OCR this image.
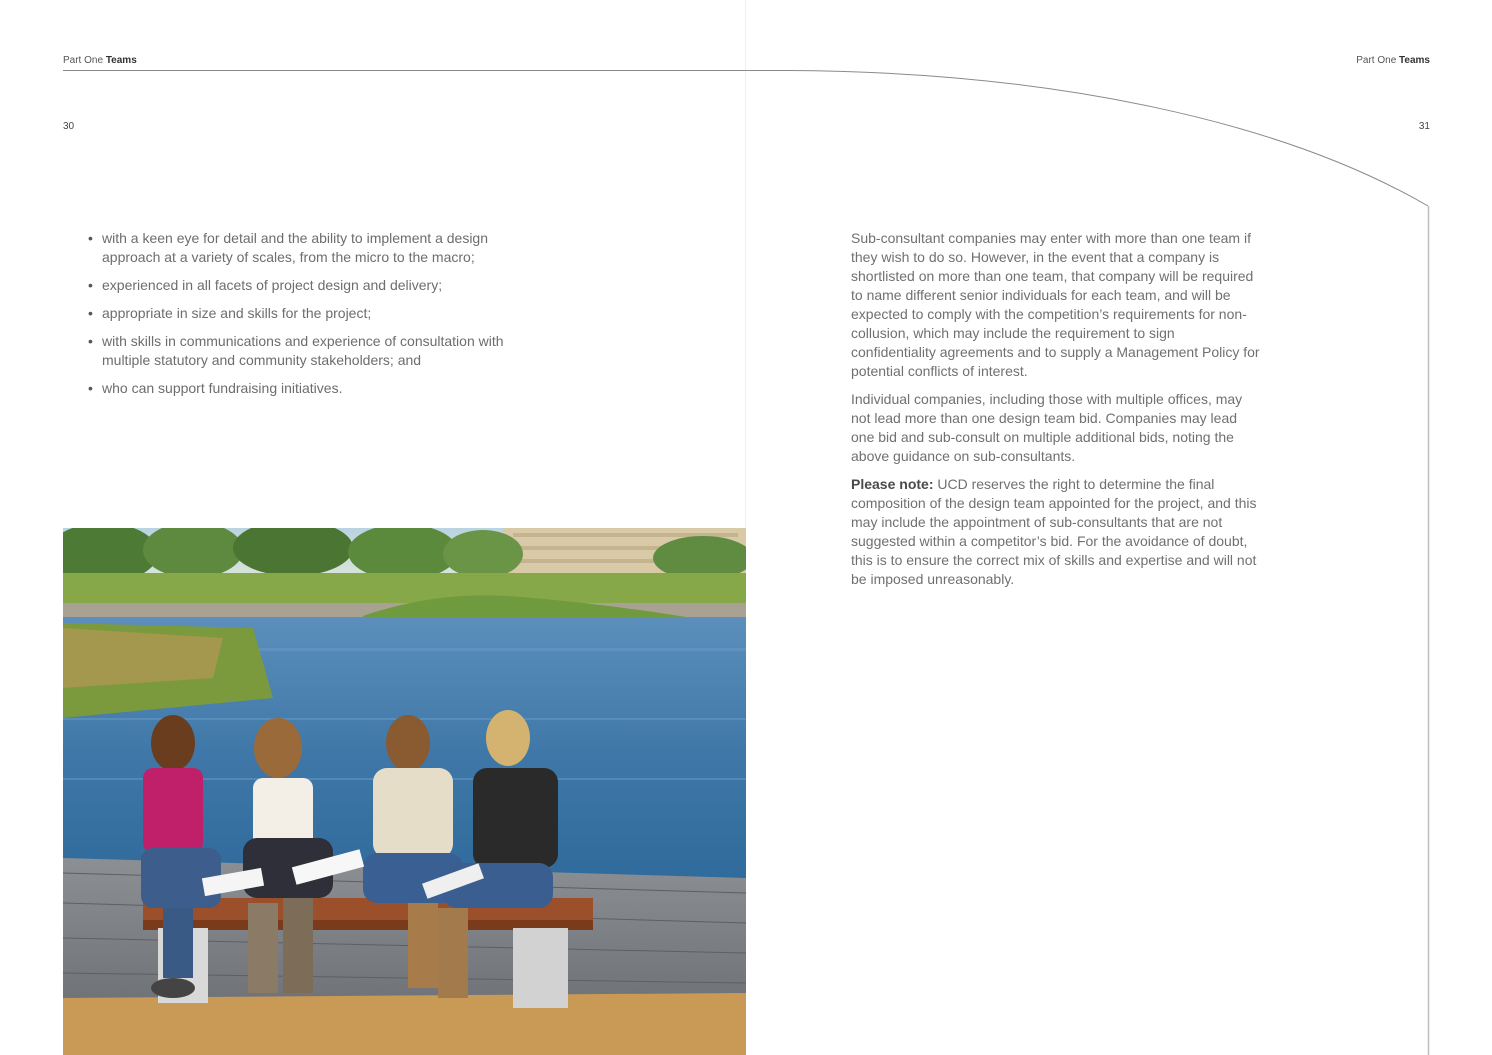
Part One Teams
30
• with a keen eye for detail and the ability to implement a design approach at a variety of scales, from the micro to the macro;
• experienced in all facets of project design and delivery;
• appropriate in size and skills for the project;
• with skills in communications and experience of consultation with multiple statutory and community stakeholders; and
• who can support fundraising initiatives.
Part One Teams
31

Sub-consultant companies may enter with more than one team if they wish to do so. However, in the event that a company is shortlisted on more than one team, that company will be required to name different senior individuals for each team, and will be expected to comply with the competition’s requirements for non-collusion, which may include the requirement to sign confidentiality agreements and to supply a Management Policy for potential conflicts of interest.

Individual companies, including those with multiple offices, may not lead more than one design team bid. Companies may lead one bid and sub-consult on multiple additional bids, noting the above guidance on sub-consultants.

Please note: UCD reserves the right to determine the final composition of the design team appointed for the project, and this may include the appointment of sub-consultants that are not suggested within a competitor’s bid. For the avoidance of doubt, this is to ensure the correct mix of skills and expertise and will not be imposed unreasonably.
